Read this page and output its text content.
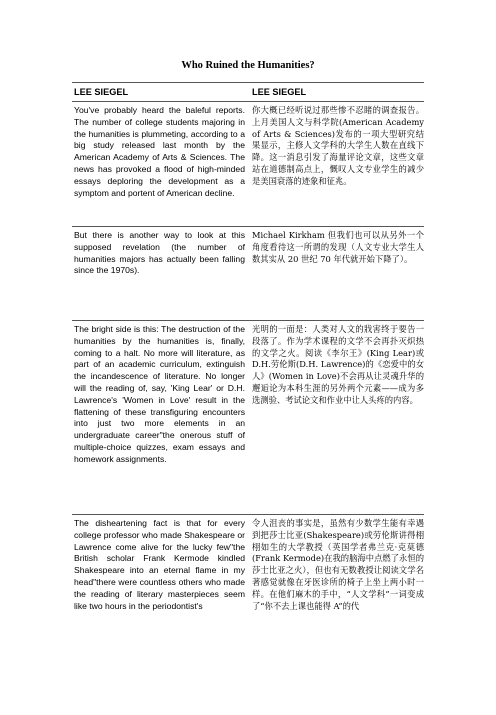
Who Ruined the Humanities?
LEE SIEGEL	LEE SIEGEL
You've probably heard the baleful reports. The number of college students majoring in the humanities is plummeting, according to a big study released last month by the American Academy of Arts & Sciences. The news has provoked a flood of high-minded essays deploring the development as a symptom and portent of American decline.
你大概已经听说过那些惨不忍睹的调查报告。上月美国人文与科学院(American Academy of Arts & Sciences)发布的一项大型研究结果显示，主修人文学科的大学生人数在直线下降。这一消息引发了海量评论文章，这些文章站在道德制高点上，慨叹人文专业学生的减少是美国衰落的迹象和征兆。
But there is another way to look at this supposed revelation (the number of humanities majors has actually been falling since the 1970s).
Michael Kirkham 但我们也可以从另外一个角度看待这一所谓的发现（人文专业大学生人数其实从 20 世纪 70 年代就开始下降了）。
The bright side is this: The destruction of the humanities by the humanities is, finally, coming to a halt. No more will literature, as part of an academic curriculum, extinguish the incandescence of literature. No longer will the reading of, say, 'King Lear' or D.H. Lawrence's 'Women in Love' result in the flattening of these transfiguring encounters into just two more elements in an undergraduate career"the onerous stuff of multiple-choice quizzes, exam essays and homework assignments.
光明的一面是：人类对人文的戕害终于要告一段落了。作为学术课程的文学不会再扑灭炽热的文学之火。阅读《李尔王》(King Lear)或 D.H.劳伦斯(D.H. Lawrence)的《恋爱中的女人》(Women in Love)不会再从让灵魂升华的邂逅论为本科生涯的另外两个元素——成为多选测验、考试论文和作业中让人头疼的内容。
The disheartening fact is that for every college professor who made Shakespeare or Lawrence come alive for the lucky few"the British scholar Frank Kermode kindled Shakespeare into an eternal flame in my head"there were countless others who made the reading of literary masterpieces seem like two hours in the periodontist's
令人沮丧的事实是，虽然有少数学生能有幸遇到把莎士比亚(Shakespeare)或劳伦斯讲得栩栩如生的大学教授（英国学者弗兰克·克莫德(Frank Kermode)在我的脑海中点燃了永恒的莎士比亚之火），但也有无数教授让阅读文学名著感觉就像在牙医诊所的椅子上坐上两小时一样。在他们麻木的手中，“人文学科”一词变成了“你不去上课也能得 A”的代
